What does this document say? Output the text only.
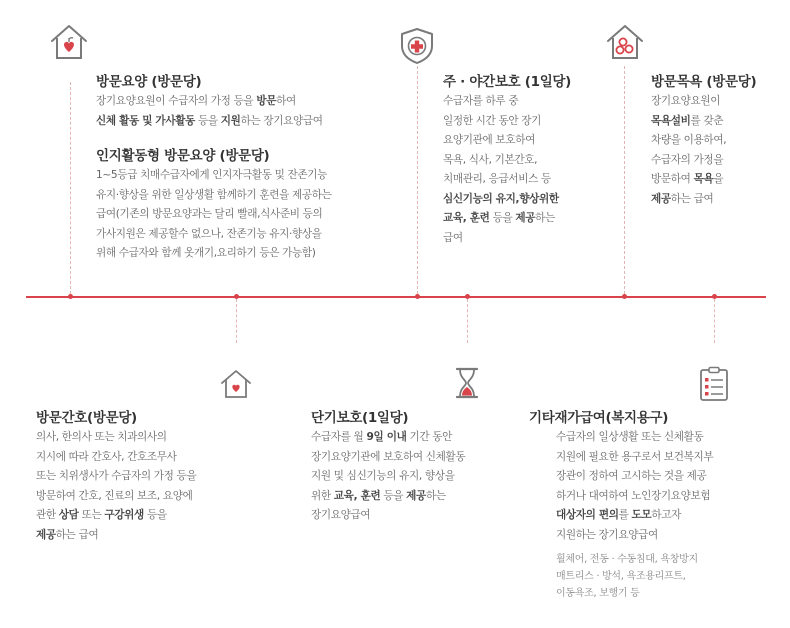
방문요양 (방문당)
장기요양요원이 수급자의 가정 등을 방문하여
신체 활동 및 가사활동 등을 지원하는 장기요양급여
인지활동형 방문요양 (방문당)
1~5등급 치매수급자에게 인지자극활동 및 잔존기능
유지·향상을 위한 일상생활 함께하기 훈련을 제공하는
급여(기존의 방문요양과는 달리 빨래,식사준비 등의
가사지원은 제공할수 없으나, 잔존기능 유지·향상을
위해 수급자와 함께 옷개기,요리하기 등은 가능함)
주 · 야간보호 (1일당)
수급자를 하루 중
일정한 시간 동안 장기
요양기관에 보호하여
목욕, 식사, 기본간호,
치매관리, 응급서비스 등
심신기능의 유지,향상위한
교육, 훈련 등을 제공하는
급여
방문목욕 (방문당)
장기요양요원이
목욕설비를 갖춘
차량을 이용하여,
수급자의 가정을
방문하여 목욕을
제공하는 급여
방문간호(방문당)
의사, 한의사 또는 치과의사의
지시에 따라 간호사, 간호조무사
또는 치위생사가 수급자의 가정 등을
방문하여 간호, 진료의 보조, 요양에
관한 상담 또는 구강위생 등을
제공하는 급여
단기보호(1일당)
수급자를 월 9일 이내 기간 동안
장기요양기관에 보호하여 신체활동
지원 및 심신기능의 유지, 향상을
위한 교육, 훈련 등을 제공하는
장기요양급여
기타재가급여(복지용구)
수급자의 일상생활 또는 신체활동
지원에 필요한 용구로서 보건복지부
장관이 정하여 고시하는 것을 제공
하거나 대여하여 노인장기요양보험
대상자의 편의를 도모하고자
지원하는 장기요양급여
휠체어, 전동 · 수동침대, 욕창방지
매트리스 · 방석, 욕조용리프트,
이동욕조, 보행기 등
